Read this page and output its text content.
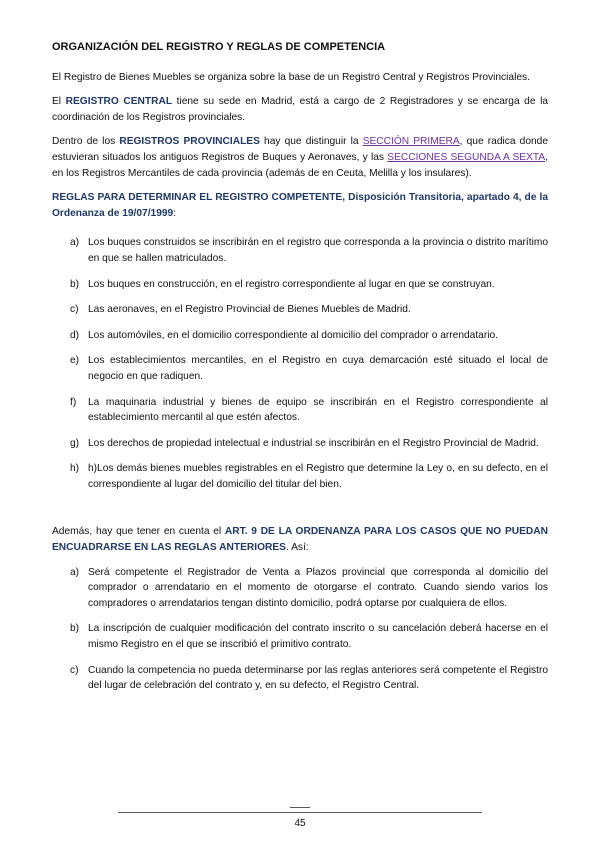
ORGANIZACIÓN DEL REGISTRO Y REGLAS DE COMPETENCIA

El Registro de Bienes Muebles se organiza sobre la base de un Registro Central y Registros Provinciales.

El REGISTRO CENTRAL tiene su sede en Madrid, está a cargo de 2 Registradores y se encarga de la coordinación de los Registros provinciales.

Dentro de los REGISTROS PROVINCIALES hay que distinguir la SECCIÓN PRIMERA, que radica donde estuvieran situados los antiguos Registros de Buques y Aeronaves, y las SECCIONES SEGUNDA A SEXTA, en los Registros Mercantiles de cada provincia (además de en Ceuta, Melilla y los insulares).

REGLAS PARA DETERMINAR EL REGISTRO COMPETENTE, Disposición Transitoria, apartado 4, de la Ordenanza de 19/07/1999:

a) Los buques construidos se inscribirán en el registro que corresponda a la provincia o distrito marítimo en que se hallen matriculados.
b) Los buques en construcción, en el registro correspondiente al lugar en que se construyan.
c) Las aeronaves, en el Registro Provincial de Bienes Muebles de Madrid.
d) Los automóviles, en el domicilio correspondiente al domicilio del comprador o arrendatario.
e) Los establecimientos mercantiles, en el Registro en cuya demarcación esté situado el local de negocio en que radiquen.
f) La maquinaria industrial y bienes de equipo se inscribirán en el Registro correspondiente al establecimiento mercantil al que estén afectos.
g) Los derechos de propiedad intelectual e industrial se inscribirán en el Registro Provincial de Madrid.
h) h)Los demás bienes muebles registrables en el Registro que determine la Ley o, en su defecto, en el correspondiente al lugar del domicilio del titular del bien.

Además, hay que tener en cuenta el ART. 9 DE LA ORDENANZA PARA LOS CASOS QUE NO PUEDAN ENCUADRARSE EN LAS REGLAS ANTERIORES. Así:

a) Será competente el Registrador de Venta a Plazos provincial que corresponda al domicilio del comprador o arrendatario en el momento de otorgarse el contrato. Cuando siendo varios los compradores o arrendatarios tengan distinto domicilio, podrá optarse por cualquiera de ellos.
b) La inscripción de cualquier modificación del contrato inscrito o su cancelación deberá hacerse en el mismo Registro en el que se inscribió el primitivo contrato.
c) Cuando la competencia no pueda determinarse por las reglas anteriores será competente el Registro del lugar de celebración del contrato y, en su defecto, el Registro Central.
45
